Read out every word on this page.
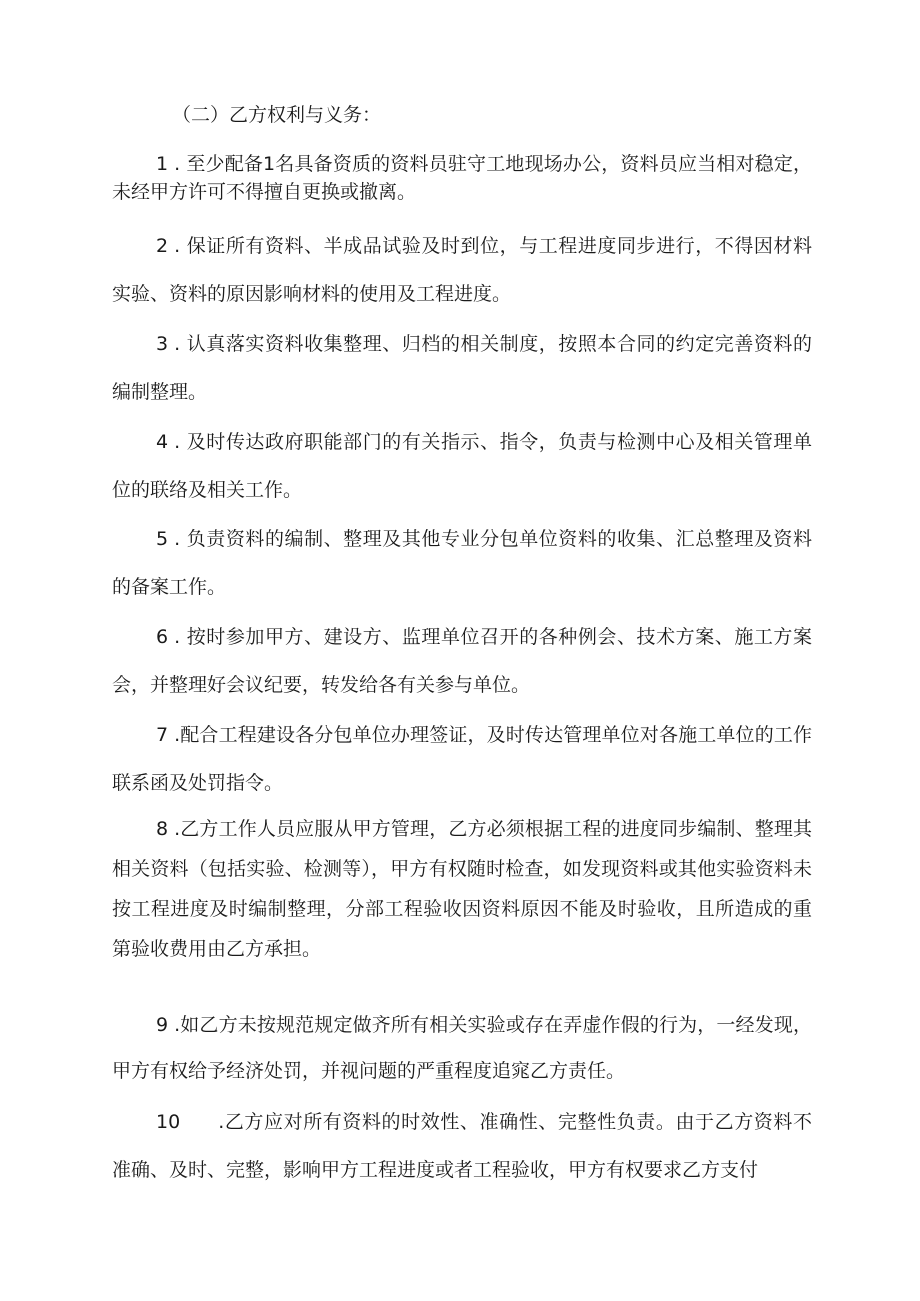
（二）乙方权利与义务：
1 . 至少配备1名具备资质的资料员驻守工地现场办公，资料员应当相对稳定，未经甲方许可不得擅自更换或撤离。
2 . 保证所有资料、半成品试验及时到位，与工程进度同步进行，不得因材料实验、资料的原因影响材料的使用及工程进度。
3 . 认真落实资料收集整理、归档的相关制度，按照本合同的约定完善资料的编制整理。
4 . 及时传达政府职能部门的有关指示、指令，负责与检测中心及相关管理单位的联络及相关工作。
5 . 负责资料的编制、整理及其他专业分包单位资料的收集、汇总整理及资料的备案工作。
6 . 按时参加甲方、建设方、监理单位召开的各种例会、技术方案、施工方案会，并整理好会议纪要，转发给各有关参与单位。
7 .配合工程建设各分包单位办理签证，及时传达管理单位对各施工单位的工作联系函及处罚指令。
8 .乙方工作人员应服从甲方管理，乙方必须根据工程的进度同步编制、整理其相关资料（包括实验、检测等），甲方有权随时检查，如发现资料或其他实验资料未按工程进度及时编制整理，分部工程验收因资料原因不能及时验收，且所造成的重第验收费用由乙方承担。
9 .如乙方未按规范规定做齐所有相关实验或存在弄虚作假的行为，一经发现，甲方有权给予经济处罚，并视问题的严重程度追窕乙方责任。
10 .乙方应对所有资料的时效性、准确性、完整性负责。由于乙方资料不准确、及时、完整，影响甲方工程进度或者工程验收，甲方有权要求乙方支付
